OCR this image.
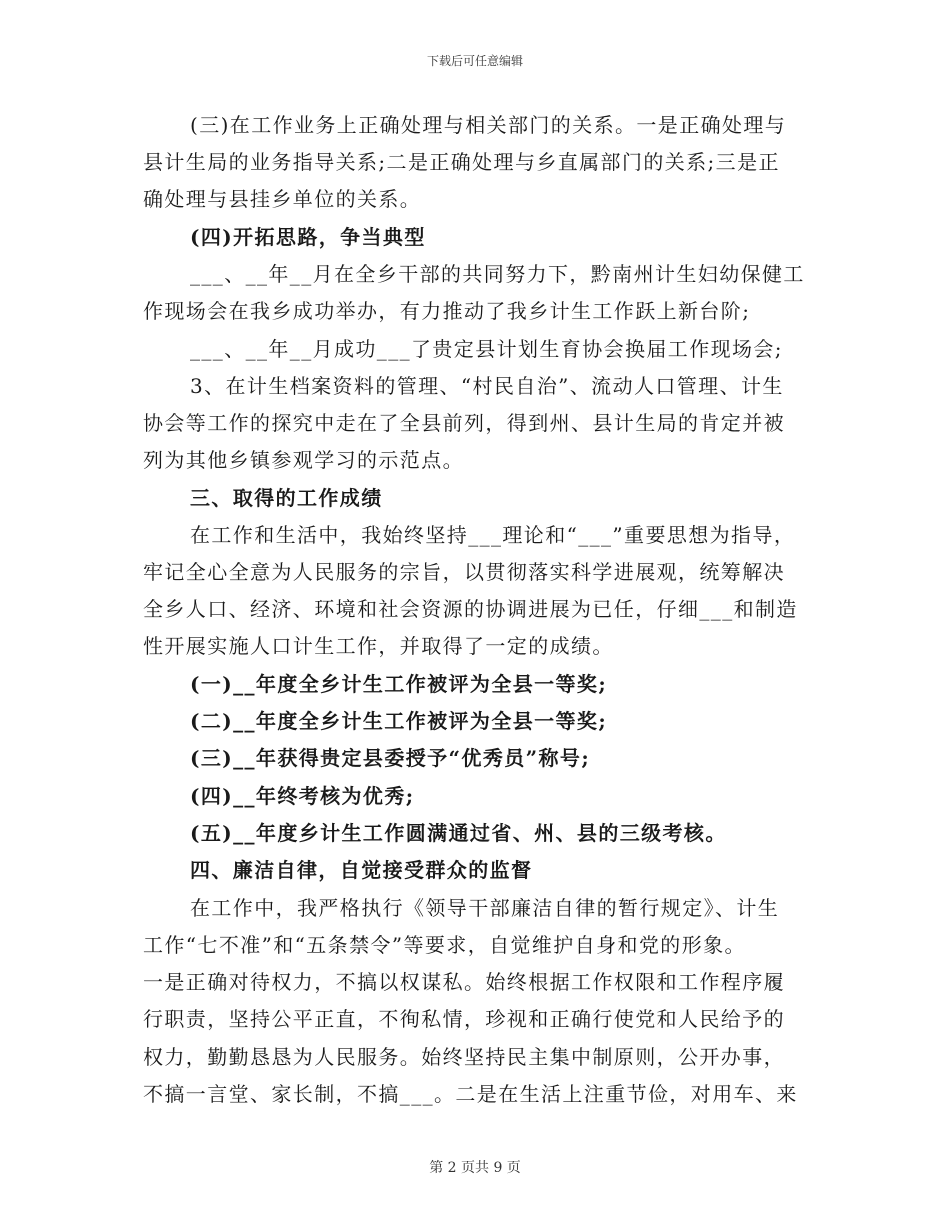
下载后可任意编辑
(三)在工作业务上正确处理与相关部门的关系。一是正确处理与
县计生局的业务指导关系;二是正确处理与乡直属部门的关系;三是正
确处理与县挂乡单位的关系。
(四)开拓思路，争当典型
___、__年__月在全乡干部的共同努力下，黔南州计生妇幼保健工
作现场会在我乡成功举办，有力推动了我乡计生工作跃上新台阶;
___、__年__月成功___了贵定县计划生育协会换届工作现场会;
3、在计生档案资料的管理、“村民自治”、流动人口管理、计生
协会等工作的探究中走在了全县前列，得到州、县计生局的肯定并被
列为其他乡镇参观学习的示范点。
三、取得的工作成绩
在工作和生活中，我始终坚持___理论和“___”重要思想为指导，
牢记全心全意为人民服务的宗旨，以贯彻落实科学进展观，统筹解决
全乡人口、经济、环境和社会资源的协调进展为已任，仔细___和制造
性开展实施人口计生工作，并取得了一定的成绩。
(一)__年度全乡计生工作被评为全县一等奖;
(二)__年度全乡计生工作被评为全县一等奖;
(三)__年获得贵定县委授予“优秀员”称号;
(四)__年终考核为优秀;
(五)__年度乡计生工作圆满通过省、州、县的三级考核。
四、廉洁自律，自觉接受群众的监督
在工作中，我严格执行《领导干部廉洁自律的暂行规定》、计生
工作“七不准”和“五条禁令”等要求，自觉维护自身和党的形象。
一是正确对待权力，不搞以权谋私。始终根据工作权限和工作程序履
行职责，坚持公平正直，不徇私情，珍视和正确行使党和人民给予的
权力，勤勤恳恳为人民服务。始终坚持民主集中制原则，公开办事，
不搞一言堂、家长制，不搞___。二是在生活上注重节俭，对用车、来
第 2 页共 9 页
